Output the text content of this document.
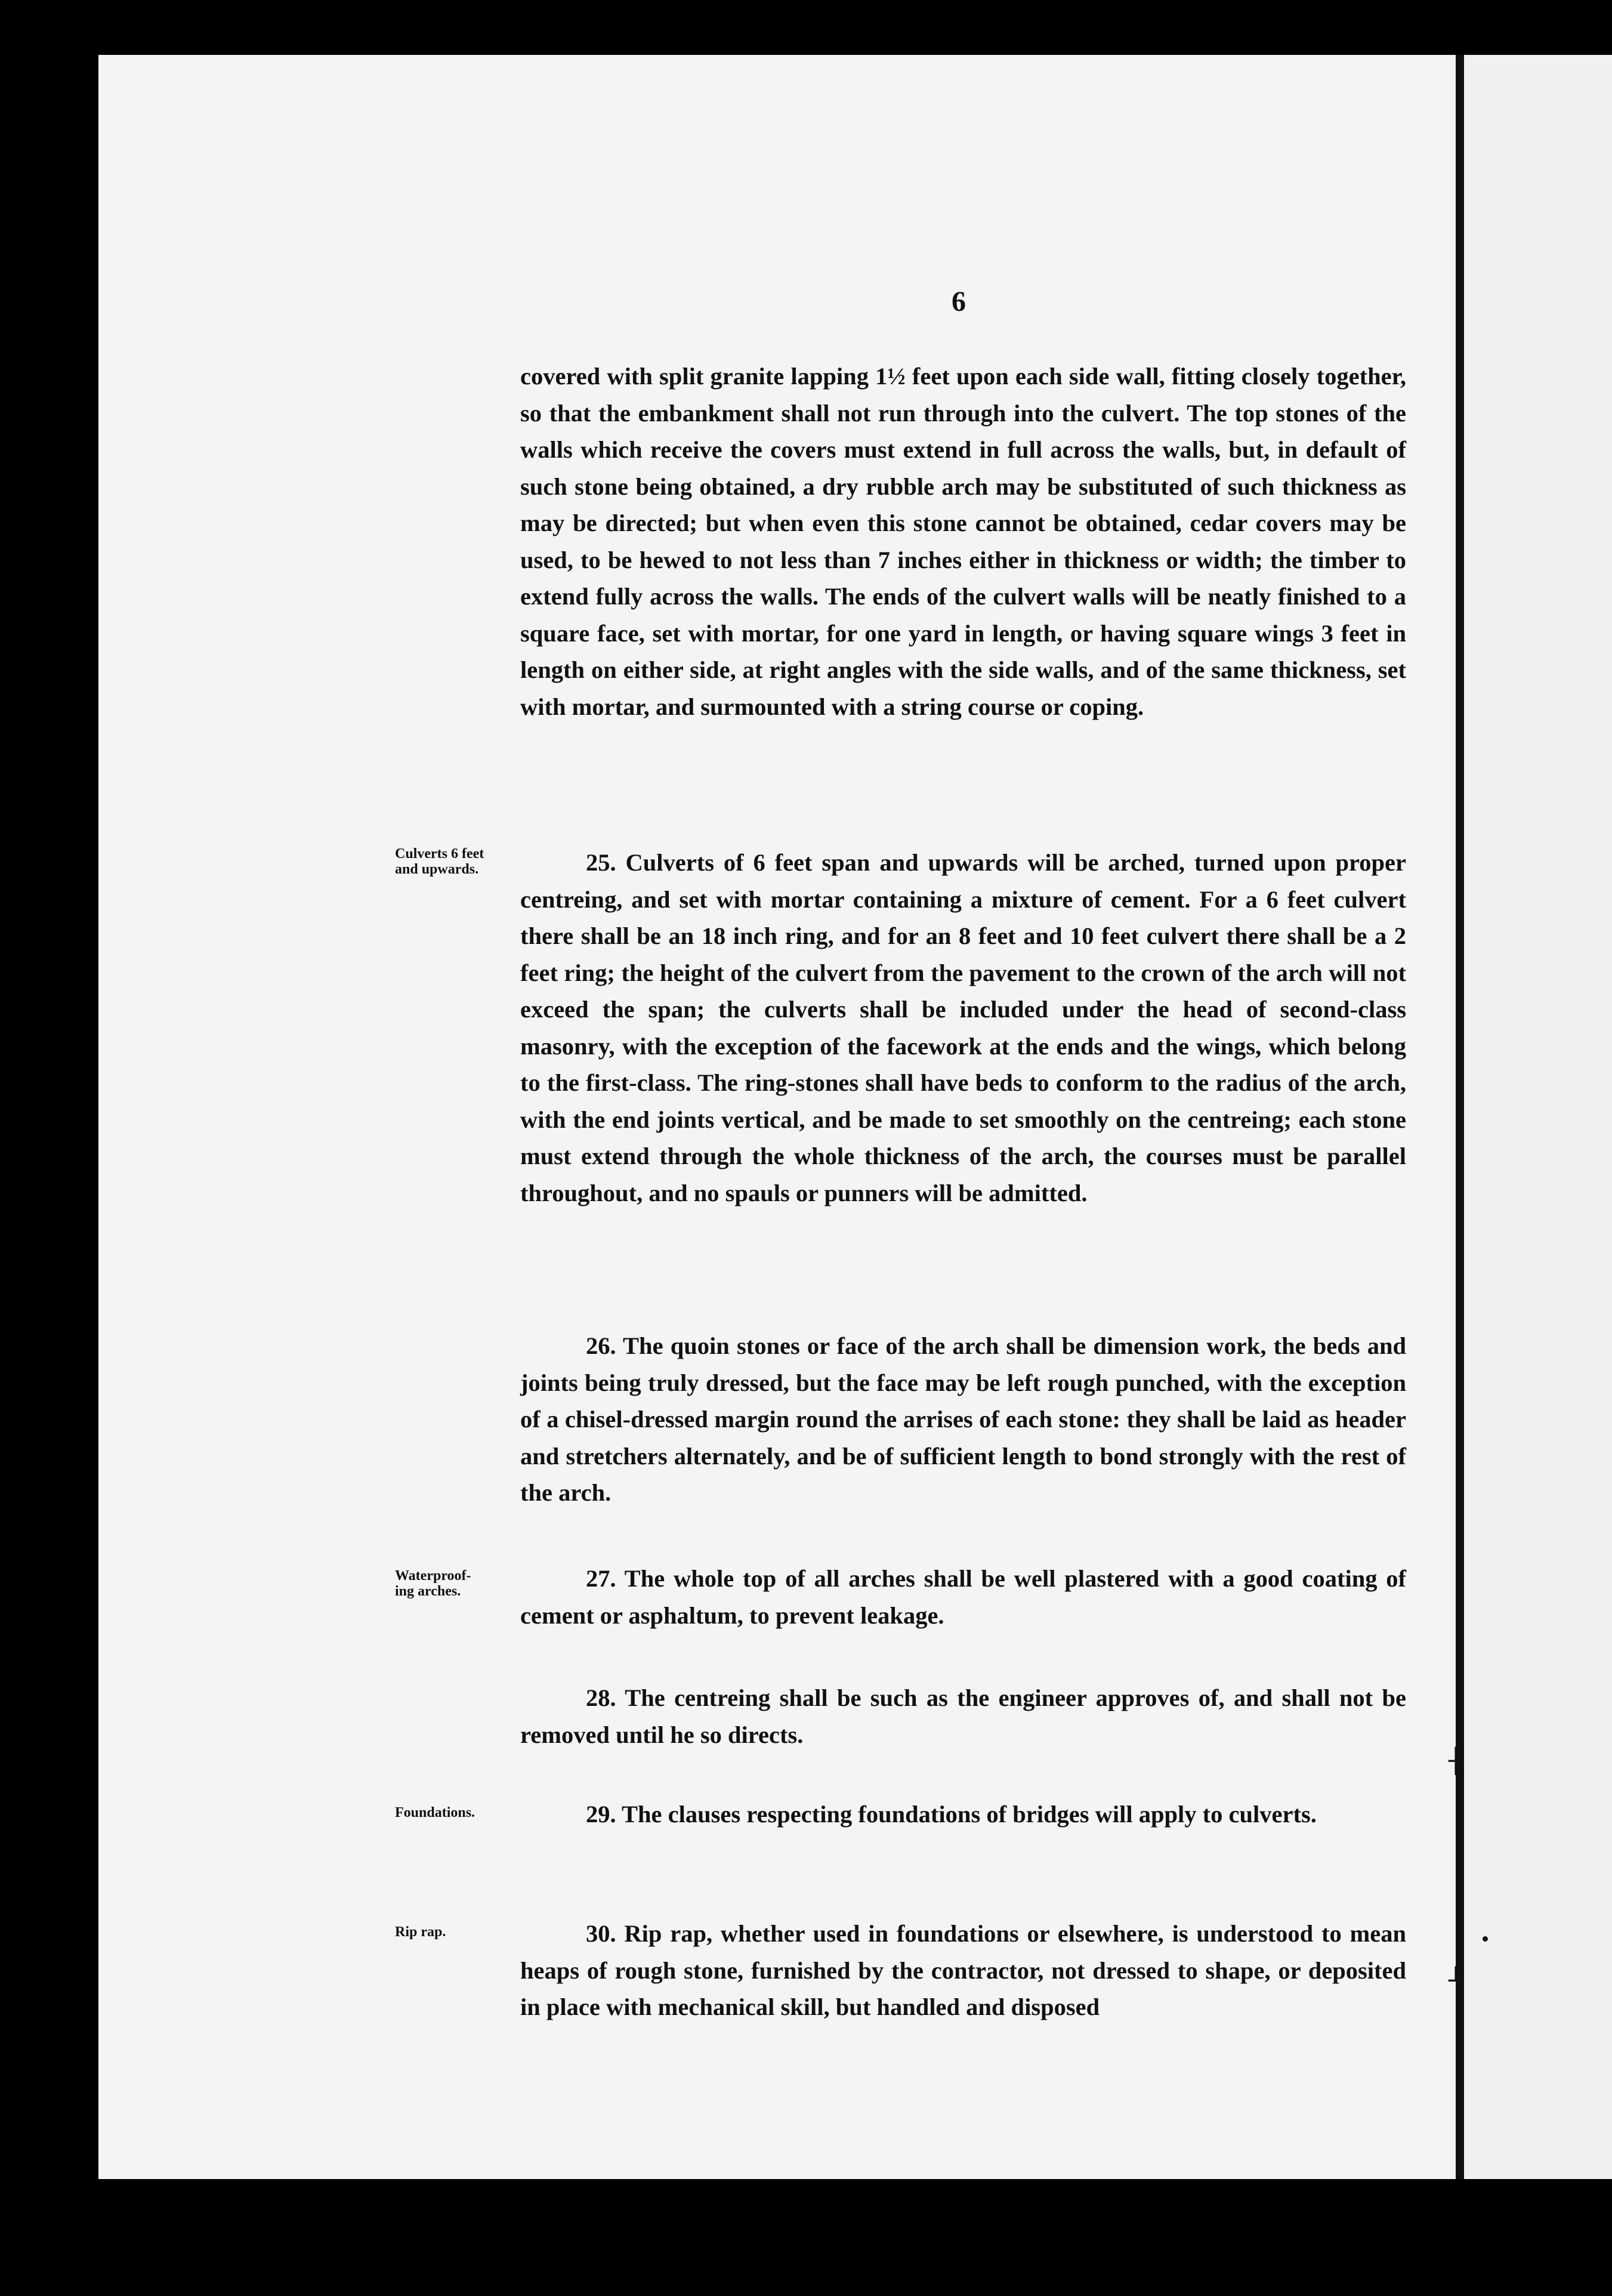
┼
┴
6

covered with split granite lapping 1½ feet upon each side wall, fitting closely together, so that the embankment shall not run through into the culvert. The top stones of the walls which receive the covers must extend in full across the walls, but, in default of such stone being obtained, a dry rubble arch may be substituted of such thickness as may be directed; but when even this stone cannot be obtained, cedar covers may be used, to be hewed to not less than 7 inches either in thickness or width; the timber to extend fully across the walls. The ends of the culvert walls will be neatly finished to a square face, set with mortar, for one yard in length, or having square wings 3 feet in length on either side, at right angles with the side walls, and of the same thickness, set with mortar, and surmounted with a string course or coping.

Culverts 6 feet
and upwards.	25. Culverts of 6 feet span and upwards will be arched, turned upon proper centreing, and set with mortar containing a mixture of cement. For a 6 feet culvert there shall be an 18 inch ring, and for an 8 feet and 10 feet culvert there shall be a 2 feet ring; the height of the culvert from the pavement to the crown of the arch will not exceed the span; the culverts shall be included under the head of second-class masonry, with the exception of the facework at the ends and the wings, which belong to the first-class. The ring-stones shall have beds to conform to the radius of the arch, with the end joints vertical, and be made to set smoothly on the centreing; each stone must extend through the whole thickness of the arch, the courses must be parallel throughout, and no spauls or punners will be admitted.

26. The quoin stones or face of the arch shall be dimension work, the beds and joints being truly dressed, but the face may be left rough punched, with the exception of a chisel-dressed margin round the arrises of each stone: they shall be laid as header and stretchers alternately, and be of sufficient length to bond strongly with the rest of the arch.

Waterproof-
ing arches.	27. The whole top of all arches shall be well plastered with a good coating of cement or asphaltum, to prevent leakage.

28. The centreing shall be such as the engineer approves of, and shall not be removed until he so directs.

Foundations.	29. The clauses respecting foundations of bridges will apply to culverts.

Rip rap.	30. Rip rap, whether used in foundations or elsewhere, is understood to mean heaps of rough stone, furnished by the contractor, not dressed to shape, or deposited in place with mechanical skill, but handled and disposed
